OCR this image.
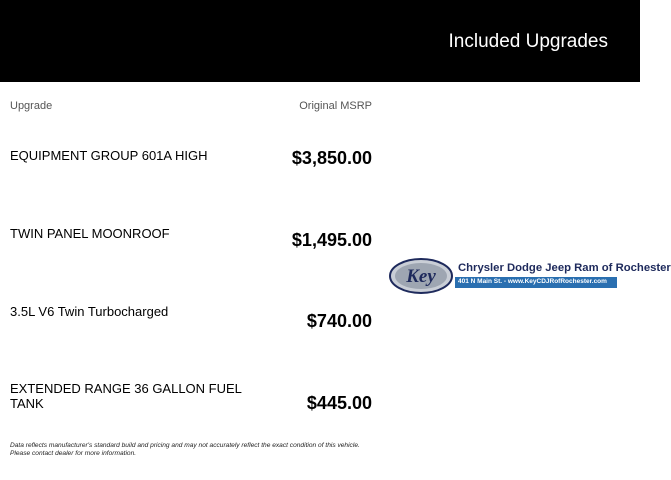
Included Upgrades
Upgrade	Original MSRP
EQUIPMENT GROUP 601A HIGH	$3,850.00
TWIN PANEL MOONROOF	$1,495.00
3.5L V6 Twin Turbocharged	$740.00
EXTENDED RANGE 36 GALLON FUEL TANK	$445.00
Data reflects manufacturer's standard build and pricing and may not accurately reflect the exact condition of this vehicle. Please contact dealer for more information.
Key Chrysler Dodge Jeep Ram of Rochester
401 N Main St. - www.KeyCDJRofRochester.com
